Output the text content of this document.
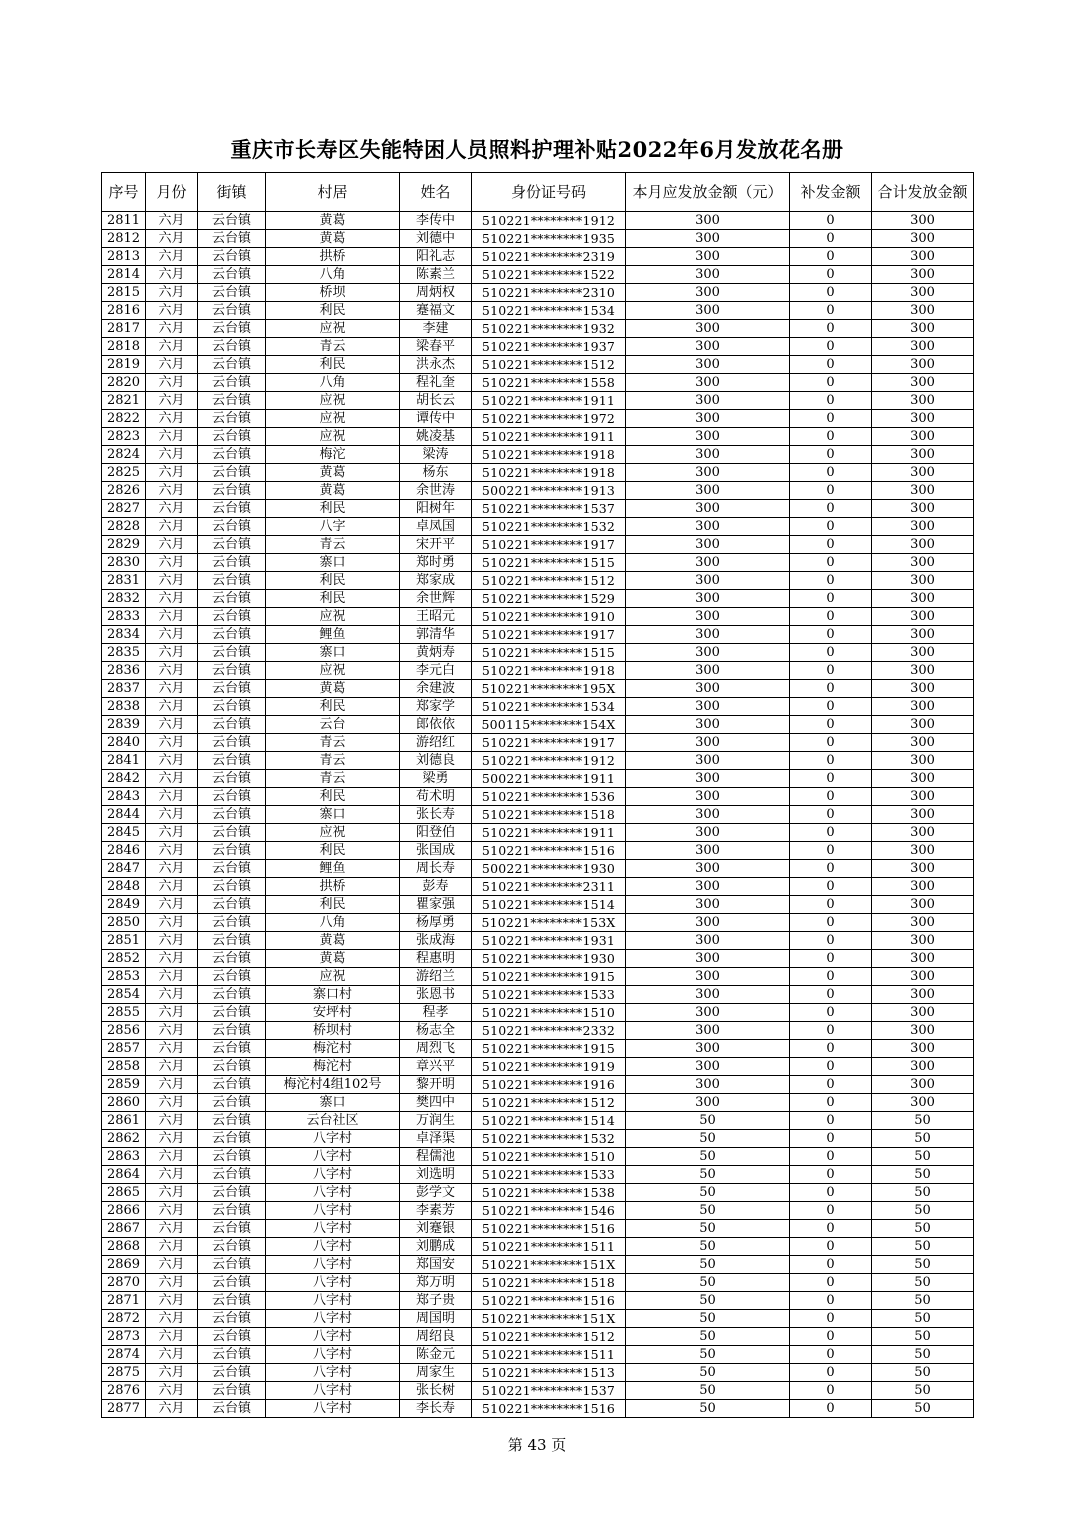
重庆市长寿区失能特困人员照料护理补贴2022年6月发放花名册
序号	月份	街镇	村居	姓名	身份证号码	本月应发放金额（元）	补发金额	合计发放金额
2811	六月	云台镇	黄葛	李传中	510221********1912	300	0	300
2812	六月	云台镇	黄葛	刘德中	510221********1935	300	0	300
2813	六月	云台镇	拱桥	阳礼志	510221********2319	300	0	300
2814	六月	云台镇	八角	陈素兰	510221********1522	300	0	300
2815	六月	云台镇	桥坝	周炳权	510221********2310	300	0	300
2816	六月	云台镇	利民	蹇福文	510221********1534	300	0	300
2817	六月	云台镇	应祝	李建	510221********1932	300	0	300
2818	六月	云台镇	青云	梁春平	510221********1937	300	0	300
2819	六月	云台镇	利民	洪永杰	510221********1512	300	0	300
2820	六月	云台镇	八角	程礼奎	510221********1558	300	0	300
2821	六月	云台镇	应祝	胡长云	510221********1911	300	0	300
2822	六月	云台镇	应祝	谭传中	510221********1972	300	0	300
2823	六月	云台镇	应祝	姚凌基	510221********1911	300	0	300
2824	六月	云台镇	梅沱	梁涛	510221********1918	300	0	300
2825	六月	云台镇	黄葛	杨东	510221********1918	300	0	300
2826	六月	云台镇	黄葛	余世涛	500221********1913	300	0	300
2827	六月	云台镇	利民	阳树年	510221********1537	300	0	300
2828	六月	云台镇	八字	卓凤国	510221********1532	300	0	300
2829	六月	云台镇	青云	宋开平	510221********1917	300	0	300
2830	六月	云台镇	寨口	郑时勇	510221********1515	300	0	300
2831	六月	云台镇	利民	郑家成	510221********1512	300	0	300
2832	六月	云台镇	利民	余世辉	510221********1529	300	0	300
2833	六月	云台镇	应祝	王昭元	510221********1910	300	0	300
2834	六月	云台镇	鲤鱼	郭清华	510221********1917	300	0	300
2835	六月	云台镇	寨口	黄炳寿	510221********1515	300	0	300
2836	六月	云台镇	应祝	李元白	510221********1918	300	0	300
2837	六月	云台镇	黄葛	余建波	510221********195X	300	0	300
2838	六月	云台镇	利民	郑家学	510221********1534	300	0	300
2839	六月	云台镇	云台	郎依依	500115********154X	300	0	300
2840	六月	云台镇	青云	游绍红	510221********1917	300	0	300
2841	六月	云台镇	青云	刘德良	510221********1912	300	0	300
2842	六月	云台镇	青云	梁勇	500221********1911	300	0	300
2843	六月	云台镇	利民	苟术明	510221********1536	300	0	300
2844	六月	云台镇	寨口	张长寿	510221********1518	300	0	300
2845	六月	云台镇	应祝	阳登伯	510221********1911	300	0	300
2846	六月	云台镇	利民	张国成	510221********1516	300	0	300
2847	六月	云台镇	鲤鱼	周长寿	500221********1930	300	0	300
2848	六月	云台镇	拱桥	彭寿	510221********2311	300	0	300
2849	六月	云台镇	利民	瞿家强	510221********1514	300	0	300
2850	六月	云台镇	八角	杨厚勇	510221********153X	300	0	300
2851	六月	云台镇	黄葛	张成海	510221********1931	300	0	300
2852	六月	云台镇	黄葛	程惠明	510221********1930	300	0	300
2853	六月	云台镇	应祝	游绍兰	510221********1915	300	0	300
2854	六月	云台镇	寨口村	张恩书	510221********1533	300	0	300
2855	六月	云台镇	安坪村	程孝	510221********1510	300	0	300
2856	六月	云台镇	桥坝村	杨志全	510221********2332	300	0	300
2857	六月	云台镇	梅沱村	周烈飞	510221********1915	300	0	300
2858	六月	云台镇	梅沱村	章兴平	510221********1919	300	0	300
2859	六月	云台镇	梅沱村4组102号	黎开明	510221********1916	300	0	300
2860	六月	云台镇	寨口	樊四中	510221********1512	300	0	300
2861	六月	云台镇	云台社区	万润生	510221********1514	50	0	50
2862	六月	云台镇	八字村	卓泽渠	510221********1532	50	0	50
2863	六月	云台镇	八字村	程儒池	510221********1510	50	0	50
2864	六月	云台镇	八字村	刘选明	510221********1533	50	0	50
2865	六月	云台镇	八字村	彭学文	510221********1538	50	0	50
2866	六月	云台镇	八字村	李素芳	510221********1546	50	0	50
2867	六月	云台镇	八字村	刘蹇银	510221********1516	50	0	50
2868	六月	云台镇	八字村	刘鹏成	510221********1511	50	0	50
2869	六月	云台镇	八字村	郑国安	510221********151X	50	0	50
2870	六月	云台镇	八字村	郑万明	510221********1518	50	0	50
2871	六月	云台镇	八字村	郑子贵	510221********1516	50	0	50
2872	六月	云台镇	八字村	周国明	510221********151X	50	0	50
2873	六月	云台镇	八字村	周绍良	510221********1512	50	0	50
2874	六月	云台镇	八字村	陈金元	510221********1511	50	0	50
2875	六月	云台镇	八字村	周家生	510221********1513	50	0	50
2876	六月	云台镇	八字村	张长树	510221********1537	50	0	50
2877	六月	云台镇	八字村	李长寿	510221********1516	50	0	50
第 43 页
